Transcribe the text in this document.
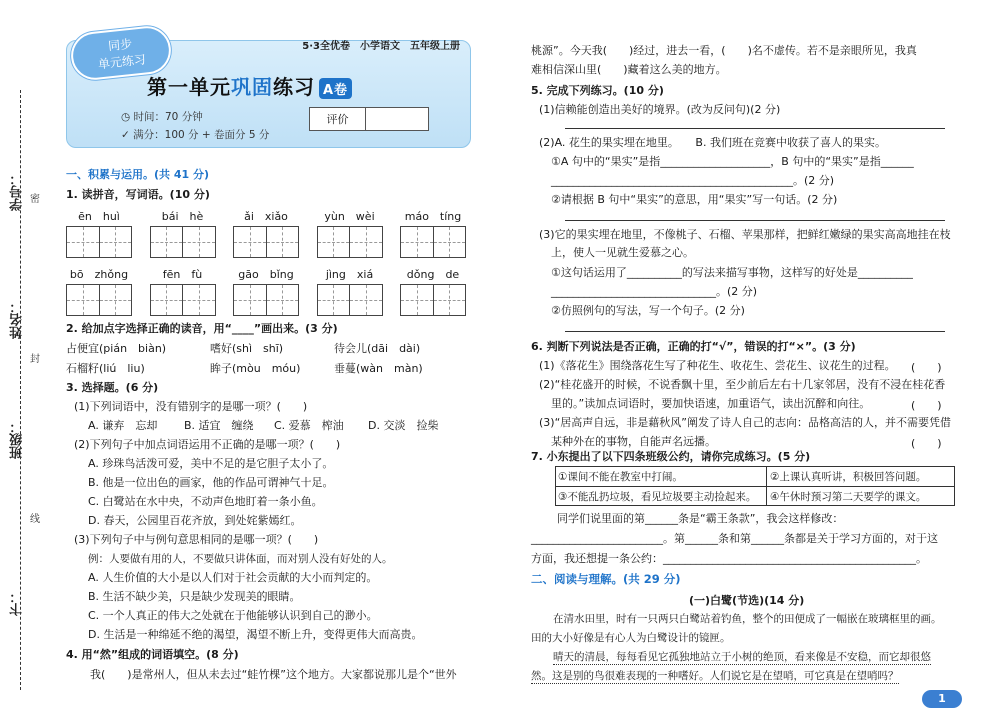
学号：
姓名：
班级：
卞：
密
封
线
同步
单元练习
5·3全优卷　小学语文　五年级上册
第一单元巩固练习 A卷
◷ 时间：70 分钟
✓ 满分：100 分 + 卷面分 5 分
评价
一、积累与运用。(共 41 分)
1. 读拼音，写词语。(10 分)
ēn　huì	bái　hè	ǎi　xiǎo	yùn　wèi	máo　tíng
bō　zhǒng	fēn　fù	gāo　bǐng	jìng　xiá	dǒng　de
2. 给加点字选择正确的读音，用“____”画出来。(3 分)
占便宜(pián　biàn)	嗜好(shì　shī)	待会儿(dāi　dài)
石榴籽(liú　liu)	眸子(mòu　móu)	垂蔓(wàn　màn)
3. 选择题。(6 分)
(1)下列词语中，没有错别字的是哪一项？(　　)
A. 谦弃　忘却 B. 适宜　缠绕 C. 爱慕　榨油 D. 交淡　捡柴
(2)下列句子中加点词语运用不正确的是哪一项？(　　)
A. 珍珠鸟活泼可爱，美中不足的是它胆子太小了。
B. 他是一位出色的画家，他的作品可谓神气十足。
C. 白鹭站在水中央，不动声色地盯着一条小鱼。
D. 春天，公园里百花齐放，到处姹紫嫣红。
(3)下列句子中与例句意思相同的是哪一项？(　　)
例：人要做有用的人，不要做只讲体面，而对别人没有好处的人。
A. 人生价值的大小是以人们对于社会贡献的大小而判定的。
B. 生活不缺少美，只是缺少发现美的眼睛。
C. 一个人真正的伟大之处就在于他能够认识到自己的渺小。
D. 生活是一种绵延不绝的渴望，渴望不断上升，变得更伟大而高贵。
4. 用“然”组成的词语填空。(8 分)
我(　　)是常州人，但从未去过“蛙竹棵”这个地方。大家都说那儿是个“世外
桃源”。今天我(　　)经过，进去一看，(　　)名不虚传。若不是亲眼所见，我真
难相信深山里(　　)藏着这么美的地方。
5. 完成下列练习。(10 分)
(1)信赖能创造出美好的境界。(改为反问句)(2 分)
(2)A. 花生的果实埋在地里。　　B. 我们班在竞赛中收获了喜人的果实。
①A 句中的“果实”是指____________________，B 句中的“果实”是指______
____________________________________________。(2 分)
②请根据 B 句中“果实”的意思，用“果实”写一句话。(2 分)
(3)它的果实埋在地里，不像桃子、石榴、苹果那样，把鲜红嫩绿的果实高高地挂在枝
上，使人一见就生爱慕之心。
①这句话运用了__________的写法来描写事物，这样写的好处是__________
______________________________。(2 分)
②仿照例句的写法，写一个句子。(2 分)
6. 判断下列说法是否正确，正确的打“√”，错误的打“×”。(3 分)
(1)《落花生》围绕落花生写了种花生、收花生、尝花生、议花生的过程。 (　　)
(2)“桂花盛开的时候，不说香飘十里，至少前后左右十几家邻居，没有不浸在桂花香
里的。”读加点词语时，要加快语速，加重语气，读出沉醉和向往。	(　　)
(3)“居高声自远，非是藉秋风”阐发了诗人自己的志向：品格高洁的人，并不需要凭借
某种外在的事物，自能声名远播。	(　　)
7. 小东提出了以下四条班级公约，请你完成练习。(5 分)
①课间不能在教室中打闹。	②上课认真听讲，积极回答问题。
③不能乱扔垃圾，看见垃圾要主动捡起来。 ④午休时预习第二天要学的课文。
同学们说里面的第______条是“霸王条款”，我会这样修改：
________________________。第______条和第______条都是关于学习方面的，对于这
方面，我还想提一条公约：______________________________________________。
二、阅读与理解。(共 29 分)
(一)白鹭(节选)(14 分)
在清水田里，时有一只两只白鹭站着钓鱼，整个的田便成了一幅嵌在玻璃框里的画。
田的大小好像是有心人为白鹭设计的镜匣。
晴天的清晨，每每看见它孤独地站立于小树的绝顶，看来像是不安稳，而它却很悠
然。这是别的鸟很难表现的一种嗜好。人们说它是在望哨，可它真是在望哨吗？
1
